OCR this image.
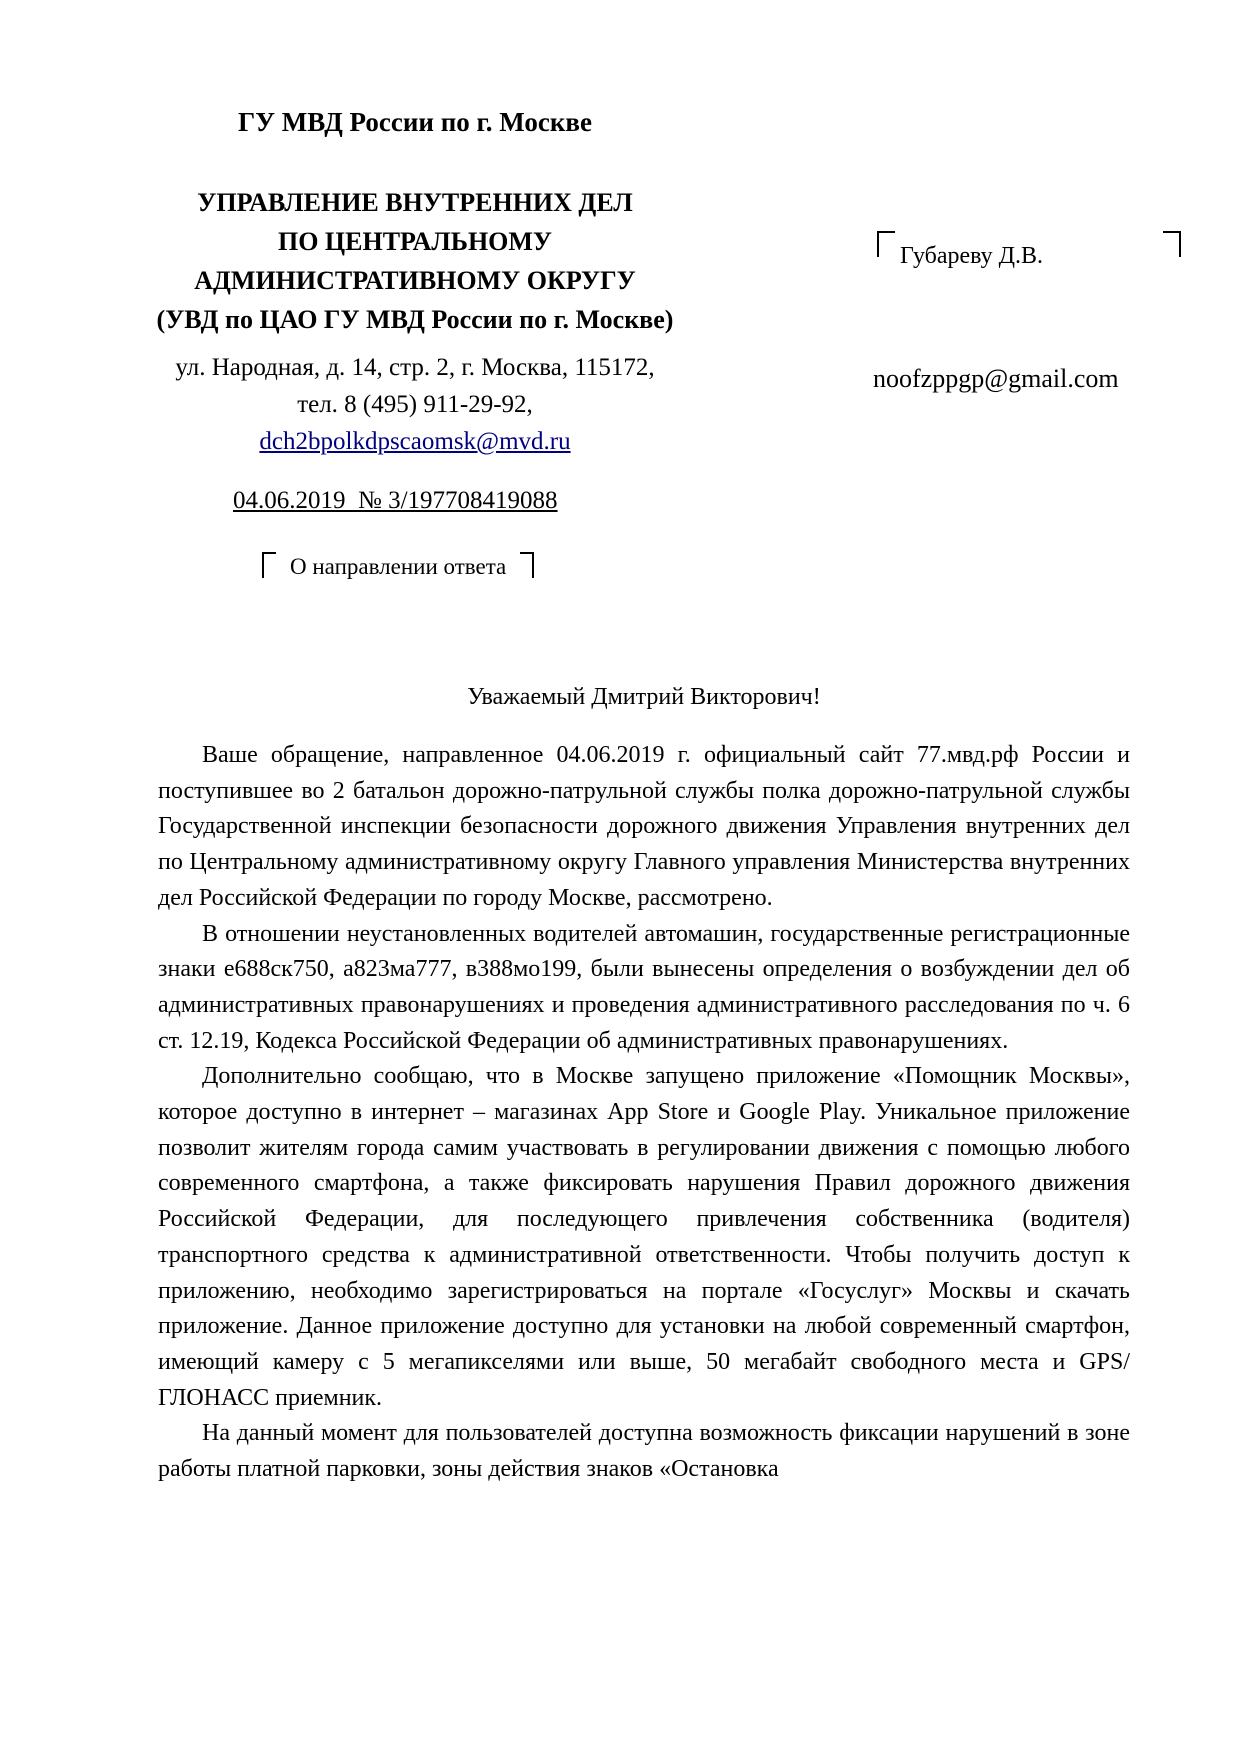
ГУ МВД России по г. Москве
УПРАВЛЕНИЕ ВНУТРЕННИХ ДЕЛ
ПО ЦЕНТРАЛЬНОМУ
АДМИНИСТРАТИВНОМУ ОКРУГУ
(УВД по ЦАО ГУ МВД России по г. Москве)
ул. Народная, д. 14, стр. 2, г. Москва, 115172,
тел. 8 (495) 911-29-92,
dch2bpolkdpscaomsk@mvd.ru
04.06.2019  № 3/197708419088
О направлении ответа
Губареву Д.В.
noofzppgp@gmail.com
Уважаемый Дмитрий Викторович!

Ваше обращение, направленное 04.06.2019 г. официальный сайт 77.мвд.рф России и поступившее во 2 батальон дорожно-патрульной службы полка дорожно-патрульной службы Государственной инспекции безопасности дорожного движения Управления внутренних дел по Центральному административному округу Главного управления Министерства внутренних дел Российской Федерации по городу Москве, рассмотрено.

В отношении неустановленных водителей автомашин, государственные регистрационные знаки е688ск750, а823ма777, в388мо199, были вынесены определения о возбуждении дел об административных правонарушениях и проведения административного расследования по ч. 6 ст. 12.19, Кодекса Российской Федерации об административных правонарушениях.

Дополнительно сообщаю, что в Москве запущено приложение «Помощник Москвы», которое доступно в интернет – магазинах App Store и Google Play. Уникальное приложение позволит жителям города самим участвовать в регулировании движения с помощью любого современного смартфона, а также фиксировать нарушения Правил дорожного движения Российской Федерации, для последующего привлечения собственника (водителя) транспортного средства к административной ответственности. Чтобы получить доступ к приложению, необходимо зарегистрироваться на портале «Госуслуг» Москвы и скачать приложение. Данное приложение доступно для установки на любой современный смартфон, имеющий камеру с 5 мегапикселями или выше, 50 мегабайт свободного места и GPS/ГЛОНАСС приемник.

На данный момент для пользователей доступна возможность фиксации нарушений в зоне работы платной парковки, зоны действия знаков «Остановка
